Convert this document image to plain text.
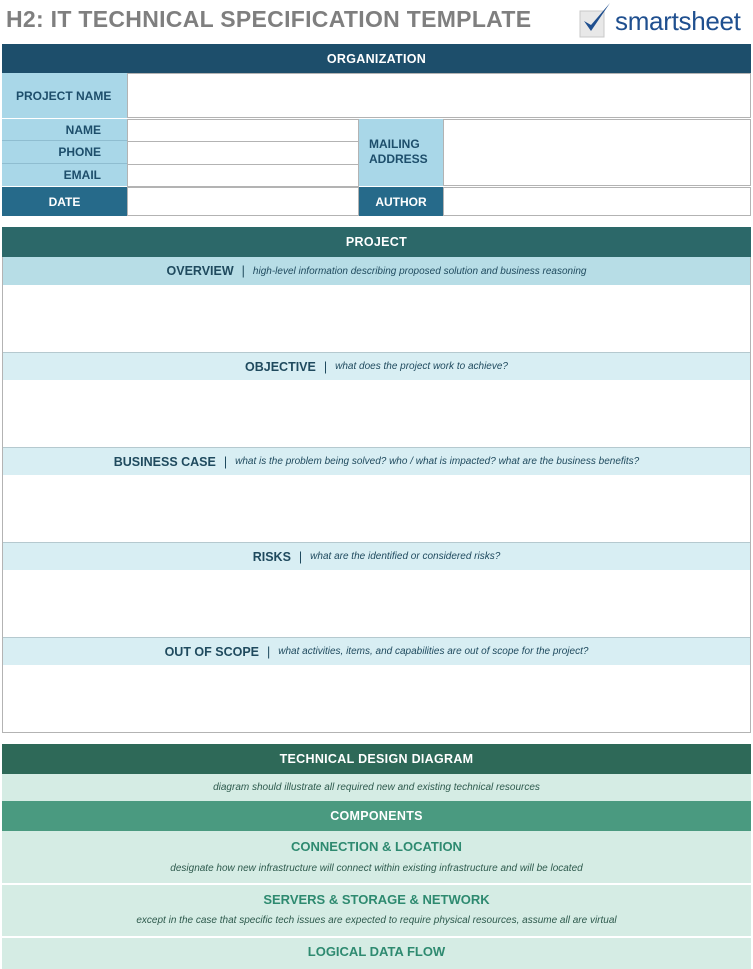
H2: IT TECHNICAL SPECIFICATION TEMPLATE	smartsheet
ORGANIZATION
PROJECT NAME
NAME
PHONE
EMAIL
MAILING
ADDRESS
DATE	AUTHOR
PROJECT
OVERVIEW | high-level information describing proposed solution and business reasoning
OBJECTIVE | what does the project work to achieve?
BUSINESS CASE | what is the problem being solved? who / what is impacted? what are the business benefits?
RISKS | what are the identified or considered risks?
OUT OF SCOPE | what activities, items, and capabilities are out of scope for the project?
TECHNICAL DESIGN DIAGRAM
diagram should illustrate all required new and existing technical resources
COMPONENTS
CONNECTION & LOCATION
designate how new infrastructure will connect within existing infrastructure and will be located
SERVERS & STORAGE & NETWORK
except in the case that specific tech issues are expected to require physical resources, assume all are virtual
LOGICAL DATA FLOW
